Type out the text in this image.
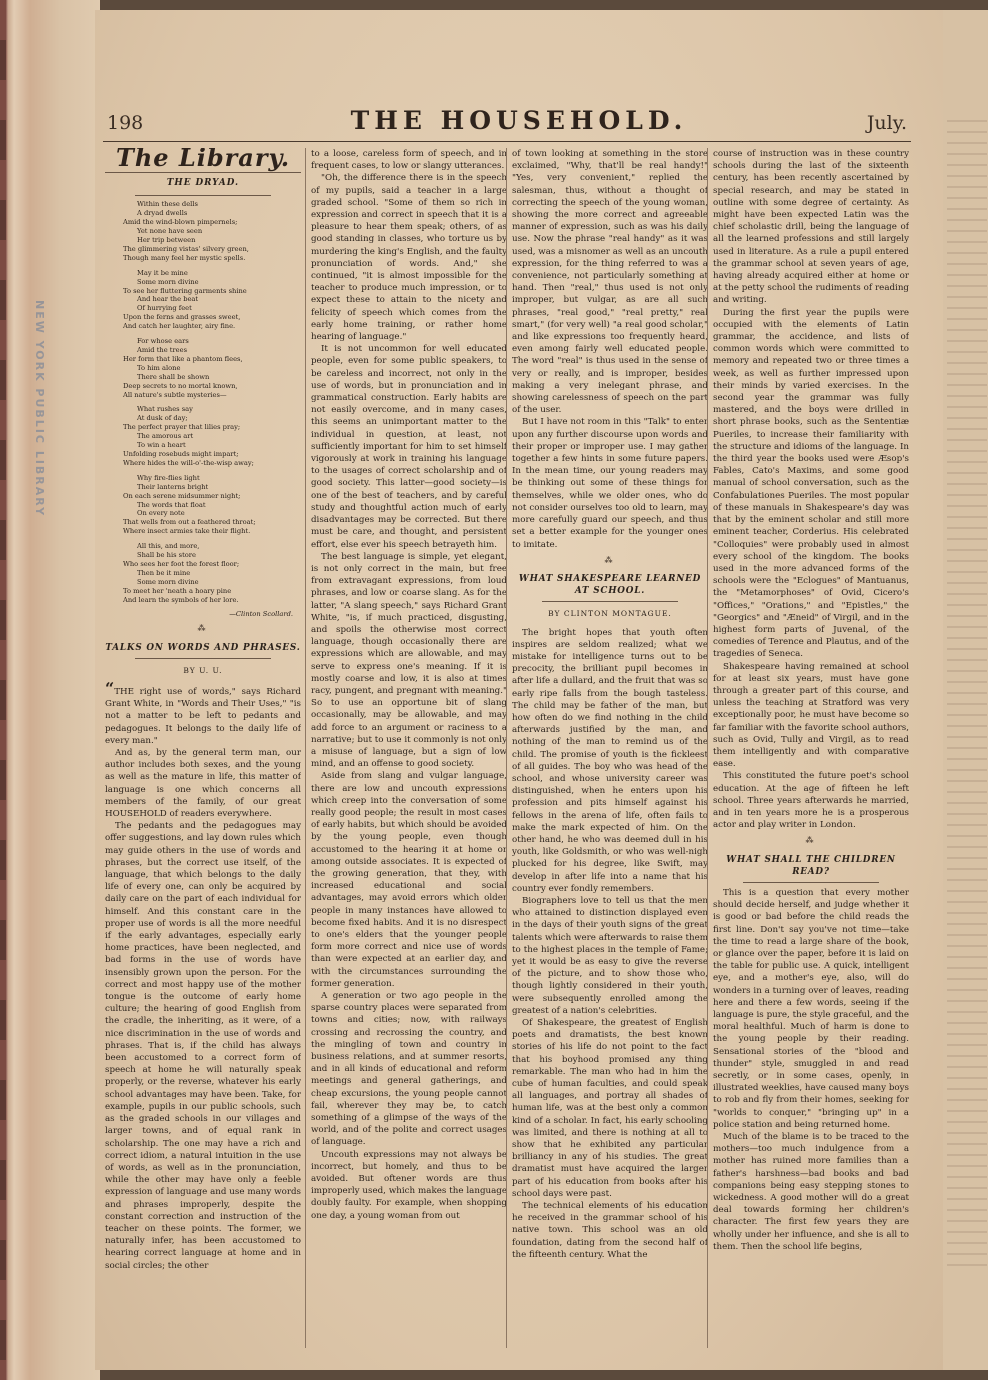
NEW YORK PUBLIC LIBRARY
198	THE HOUSEHOLD.	July.
The Library.
THE DRYAD.
Within these dells
A dryad dwells
Amid the wind-blown pimpernels;
Yet none have seen
Her trip between
The glimmering vistas' silvery green,
Though many feel her mystic spells.
May it be mine
Some morn divine
To see her fluttering garments shine
And hear the beat
Of hurrying feet
Upon the ferns and grasses sweet,
And catch her laughter, airy fine.
For whose ears
Amid the trees
Her form that like a phantom flees,
To him alone
There shall be shown
Deep secrets to no mortal known,
All nature's subtle mysteries—
What rushes say
At dusk of day;
The perfect prayer that lilies pray;
The amorous art
To win a heart
Unfolding rosebuds might impart;
Where hides the will-o'-the-wisp away;
Why fire-flies light
Their lanterns bright
On each serene midsummer night;
The words that float
On every note
That wells from out a feathered throat;
Where insect armies take their flight.
All this, and more,
Shall be his store
Who sees her foot the forest floor;
Then be it mine
Some morn divine
To meet her 'neath a hoary pine
And learn the symbols of her lore.
—Clinton Scollard.
⁂
TALKS ON WORDS AND PHRASES.
BY U. U.

“THE right use of words," says Richard Grant White, in "Words and Their Uses," "is not a matter to be left to pedants and pedagogues. It belongs to the daily life of every man."

And as, by the general term man, our author includes both sexes, and the young as well as the mature in life, this matter of language is one which concerns all members of the family, of our great HOUSEHOLD of readers everywhere.

The pedants and the pedagogues may offer suggestions, and lay down rules which may guide others in the use of words and phrases, but the correct use itself, of the language, that which belongs to the daily life of every one, can only be acquired by daily care on the part of each individual for himself. And this constant care in the proper use of words is all the more needful if the early advantages, especially early home practices, have been neglected, and bad forms in the use of words have insensibly grown upon the person. For the correct and most happy use of the mother tongue is the outcome of early home culture; the hearing of good English from the cradle, the inheriting, as it were, of a nice discrimination in the use of words and phrases. That is, if the child has always been accustomed to a correct form of speech at home he will naturally speak properly, or the reverse, whatever his early school advantages may have been. Take, for example, pupils in our public schools, such as the graded schools in our villages and larger towns, and of equal rank in scholarship. The one may have a rich and correct idiom, a natural intuition in the use of words, as well as in the pronunciation, while the other may have only a feeble expression of language and use many words and phrases improperly, despite the constant correction and instruction of the teacher on these points. The former, we naturally infer, has been accustomed to hearing correct language at home and in social circles; the other

to a loose, careless form of speech, and in frequent cases, to low or slangy utterances.

"Oh, the difference there is in the speech of my pupils, said a teacher in a large graded school. "Some of them so rich in expression and correct in speech that it is a pleasure to hear them speak; others, of as good standing in classes, who torture us by murdering the king's English, and the faulty pronunciation of words. And," she continued, "it is almost impossible for the teacher to produce much impression, or to expect these to attain to the nicety and felicity of speech which comes from the early home training, or rather home hearing of language."

It is not uncommon for well educated people, even for some public speakers, to be careless and incorrect, not only in the use of words, but in pronunciation and in grammatical construction. Early habits are not easily overcome, and in many cases, this seems an unimportant matter to the individual in question, at least, not sufficiently important for him to set himself vigorously at work in training his language to the usages of correct scholarship and of good society. This latter—good society—is one of the best of teachers, and by careful study and thoughtful action much of early disadvantages may be corrected. But there must be care, and thought, and persistent effort, else ever his speech betrayeth him.

The best language is simple, yet elegant, is not only correct in the main, but free from extravagant expressions, from loud phrases, and low or coarse slang. As for the latter, "A slang speech," says Richard Grant White, "is, if much practiced, disgusting, and spoils the otherwise most correct language, though occasionally there are expressions which are allowable, and may serve to express one's meaning. If it is mostly coarse and low, it is also at times racy, pungent, and pregnant with meaning." So to use an opportune bit of slang occasionally, may be allowable, and may add force to an argument or raciness to a narrative; but to use it commonly is not only a misuse of language, but a sign of low mind, and an offense to good society.

Aside from slang and vulgar language, there are low and uncouth expressions which creep into the conversation of some really good people; the result in most cases of early habits, but which should be avoided by the young people, even though accustomed to the hearing it at home or among outside associates. It is expected of the growing generation, that they, with increased educational and social advantages, may avoid errors which older people in many instances have allowed to become fixed habits. And it is no disrespect to one's elders that the younger people form more correct and nice use of words than were expected at an earlier day, and with the circumstances surrounding the former generation.

A generation or two ago people in the sparse country places were separated from towns and cities; now, with railways crossing and recrossing the country, and the mingling of town and country in business relations, and at summer resorts, and in all kinds of educational and reform meetings and general gatherings, and cheap excursions, the young people cannot fail, wherever they may be, to catch something of a glimpse of the ways of the world, and of the polite and correct usages of language.

Uncouth expressions may not always be incorrect, but homely, and thus to be avoided. But oftener words are thus improperly used, which makes the language doubly faulty. For example, when shopping one day, a young woman from out

of town looking at something in the store exclaimed, "Why, that'll be real handy!" "Yes, very convenient," replied the salesman, thus, without a thought of correcting the speech of the young woman, showing the more correct and agreeable manner of expression, such as was his daily use. Now the phrase "real handy" as it was used, was a misnomer as well as an uncouth expression, for the thing referred to was a convenience, not particularly something at hand. Then "real," thus used is not only improper, but vulgar, as are all such phrases, "real good," "real pretty," real smart," (for very well) "a real good scholar," and like expressions too frequently heard, even among fairly well educated people. The word "real" is thus used in the sense of very or really, and is improper, besides making a very inelegant phrase, and showing carelessness of speech on the part of the user.

But I have not room in this "Talk" to enter upon any further discourse upon words and their proper or improper use. I may gather together a few hints in some future papers. In the mean time, our young readers may be thinking out some of these things for themselves, while we older ones, who do not consider ourselves too old to learn, may more carefully guard our speech, and thus set a better example for the younger ones to imitate.

⁂
WHAT SHAKESPEARE LEARNED AT SCHOOL.
BY CLINTON MONTAGUE.

The bright hopes that youth often inspires are seldom realized; what we mistake for intelligence turns out to be precocity, the brilliant pupil becomes in after life a dullard, and the fruit that was so early ripe falls from the bough tasteless. The child may be father of the man, but how often do we find nothing in the child afterwards justified by the man, and nothing of the man to remind us of the child. The promise of youth is the fickleest of all guides. The boy who was head of the school, and whose university career was distinguished, when he enters upon his profession and pits himself against his fellows in the arena of life, often fails to make the mark expected of him. On the other hand, he who was deemed dull in his youth, like Goldsmith, or who was well-nigh plucked for his degree, like Swift, may develop in after life into a name that his country ever fondly remembers.

Biographers love to tell us that the men who attained to distinction displayed even in the days of their youth signs of the great talents which were afterwards to raise them to the highest places in the temple of Fame; yet it would be as easy to give the reverse of the picture, and to show those who, though lightly considered in their youth, were subsequently enrolled among the greatest of a nation's celebrities.

Of Shakespeare, the greatest of English poets and dramatists, the best known stories of his life do not point to the fact that his boyhood promised any thing remarkable. The man who had in him the cube of human faculties, and could speak all languages, and portray all shades of human life, was at the best only a common kind of a scholar. In fact, his early schooling was limited, and there is nothing at all to show that he exhibited any particular brilliancy in any of his studies. The great dramatist must have acquired the larger part of his education from books after his school days were past.

The technical elements of his education he received in the grammar school of his native town. This school was an old foundation, dating from the second half of the fifteenth century. What the

course of instruction was in these country schools during the last of the sixteenth century, has been recently ascertained by special research, and may be stated in outline with some degree of certainty. As might have been expected Latin was the chief scholastic drill, being the language of all the learned professions and still largely used in literature. As a rule a pupil entered the grammar school at seven years of age, having already acquired either at home or at the petty school the rudiments of reading and writing.

During the first year the pupils were occupied with the elements of Latin grammar, the accidence, and lists of common words which were committed to memory and repeated two or three times a week, as well as further impressed upon their minds by varied exercises. In the second year the grammar was fully mastered, and the boys were drilled in short phrase books, such as the Sententiæ Pueriles, to increase their familiarity with the structure and idioms of the language. In the third year the books used were Æsop's Fables, Cato's Maxims, and some good manual of school conversation, such as the Confabulationes Pueriles. The most popular of these manuals in Shakespeare's day was that by the eminent scholar and still more eminent teacher, Corderius. His celebrated "Colloquies" were probably used in almost every school of the kingdom. The books used in the more advanced forms of the schools were the "Eclogues" of Mantuanus, the "Metamorphoses" of Ovid, Cicero's "Offices," "Orations," and "Epistles," the "Georgics" and "Æneid" of Virgil, and in the highest form parts of Juvenal, of the comedies of Terence and Plautus, and of the tragedies of Seneca.

Shakespeare having remained at school for at least six years, must have gone through a greater part of this course, and unless the teaching at Stratford was very exceptionally poor, he must have become so far familiar with the favorite school authors, such as Ovid, Tully and Virgil, as to read them intelligently and with comparative ease.

This constituted the future poet's school education. At the age of fifteen he left school. Three years afterwards he married, and in ten years more he is a prosperous actor and play writer in London.

⁂
WHAT SHALL THE CHILDREN READ?

This is a question that every mother should decide herself, and judge whether it is good or bad before the child reads the first line. Don't say you've not time—take the time to read a large share of the book, or glance over the paper, before it is laid on the table for public use. A quick, intelligent eye, and a mother's eye, also, will do wonders in a turning over of leaves, reading here and there a few words, seeing if the language is pure, the style graceful, and the moral healthful. Much of harm is done to the young people by their reading. Sensational stories of the "blood and thunder" style, smuggled in and read secretly, or in some cases, openly, in illustrated weeklies, have caused many boys to rob and fly from their homes, seeking for "worlds to conquer," "bringing up" in a police station and being returned home.

Much of the blame is to be traced to the mothers—too much indulgence from a mother has ruined more families than a father's harshness—bad books and bad companions being easy stepping stones to wickedness. A good mother will do a great deal towards forming her children's character. The first few years they are wholly under her influence, and she is all to them. Then the school life begins,
